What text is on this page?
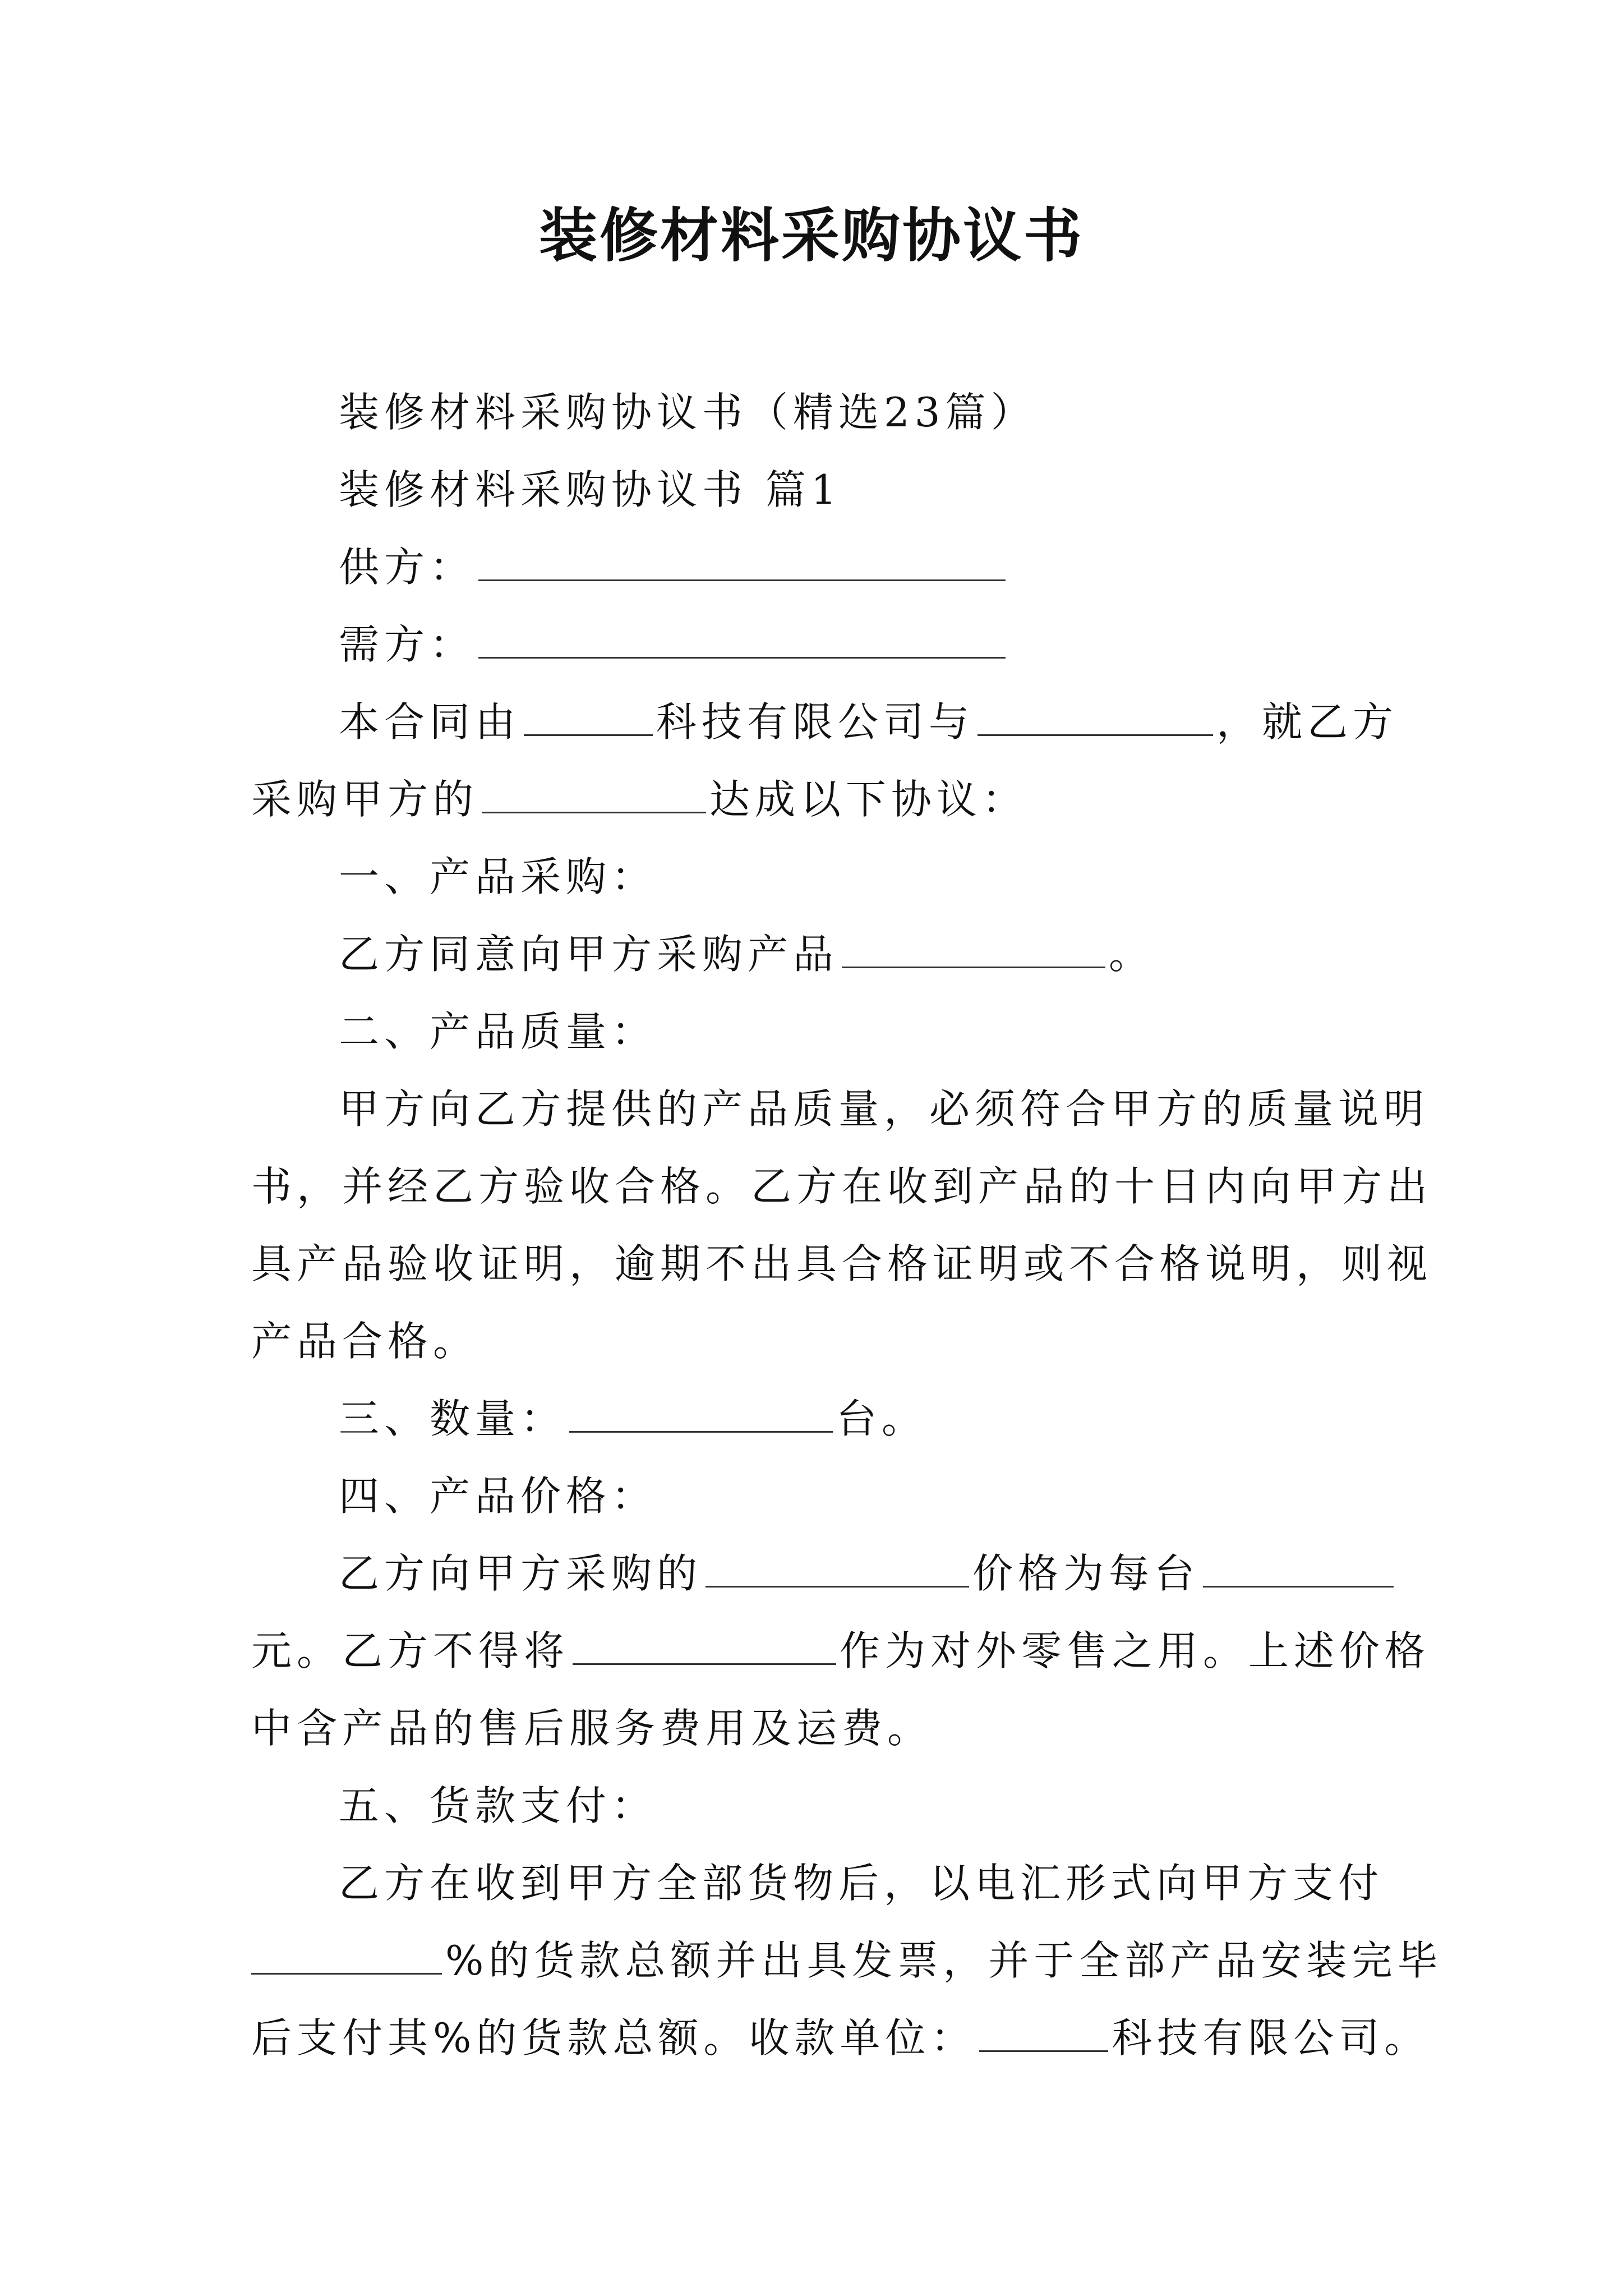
装修材料采购协议书
装修材料采购协议书（精选23篇）
装修材料采购协议书 篇1
供方：
需方：
本合同由	科技有限公司与	，就乙方
采购甲方的	达成以下协议：
一、产品采购：
乙方同意向甲方采购产品	。
二、产品质量：
甲方向乙方提供的产品质量，必须符合甲方的质量说明
书，并经乙方验收合格。乙方在收到产品的十日内向甲方出
具产品验收证明，逾期不出具合格证明或不合格说明，则视
产品合格。
三、数量：	台。
四、产品价格：
乙方向甲方采购的	价格为每台
元。乙方不得将	作为对外零售之用。上述价格
中含产品的售后服务费用及运费。
五、货款支付：
乙方在收到甲方全部货物后，以电汇形式向甲方支付
%的货款总额并出具发票，并于全部产品安装完毕
后支付其%的货款总额。收款单位：	科技有限公司。
